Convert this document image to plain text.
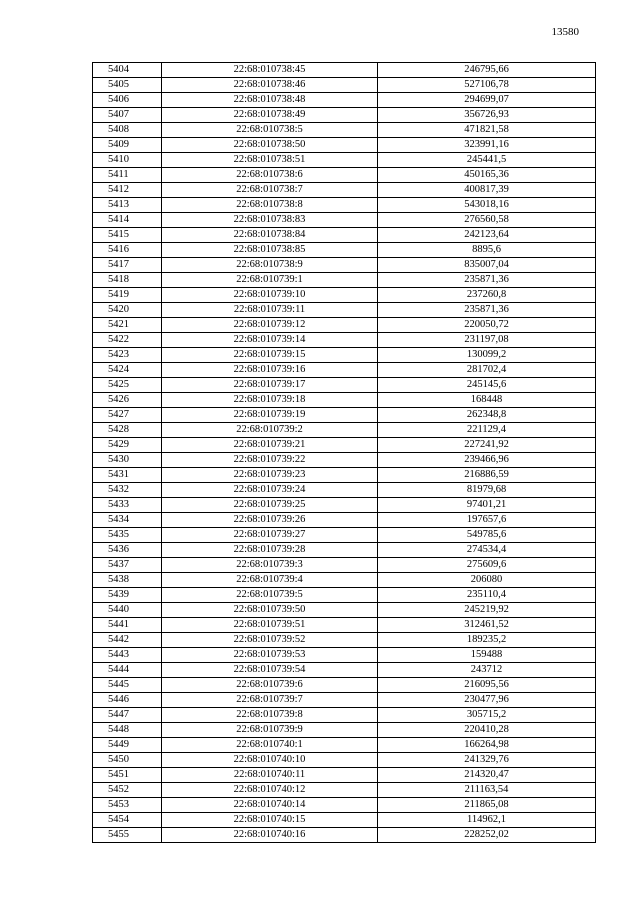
13580
5404	22:68:010738:45	246795,66
5405	22:68:010738:46	527106,78
5406	22:68:010738:48	294699,07
5407	22:68:010738:49	356726,93
5408	22:68:010738:5	471821,58
5409	22:68:010738:50	323991,16
5410	22:68:010738:51	245441,5
5411	22:68:010738:6	450165,36
5412	22:68:010738:7	400817,39
5413	22:68:010738:8	543018,16
5414	22:68:010738:83	276560,58
5415	22:68:010738:84	242123,64
5416	22:68:010738:85	8895,6
5417	22:68:010738:9	835007,04
5418	22:68:010739:1	235871,36
5419	22:68:010739:10	237260,8
5420	22:68:010739:11	235871,36
5421	22:68:010739:12	220050,72
5422	22:68:010739:14	231197,08
5423	22:68:010739:15	130099,2
5424	22:68:010739:16	281702,4
5425	22:68:010739:17	245145,6
5426	22:68:010739:18	168448
5427	22:68:010739:19	262348,8
5428	22:68:010739:2	221129,4
5429	22:68:010739:21	227241,92
5430	22:68:010739:22	239466,96
5431	22:68:010739:23	216886,59
5432	22:68:010739:24	81979,68
5433	22:68:010739:25	97401,21
5434	22:68:010739:26	197657,6
5435	22:68:010739:27	549785,6
5436	22:68:010739:28	274534,4
5437	22:68:010739:3	275609,6
5438	22:68:010739:4	206080
5439	22:68:010739:5	235110,4
5440	22:68:010739:50	245219,92
5441	22:68:010739:51	312461,52
5442	22:68:010739:52	189235,2
5443	22:68:010739:53	159488
5444	22:68:010739:54	243712
5445	22:68:010739:6	216095,56
5446	22:68:010739:7	230477,96
5447	22:68:010739:8	305715,2
5448	22:68:010739:9	220410,28
5449	22:68:010740:1	166264,98
5450	22:68:010740:10	241329,76
5451	22:68:010740:11	214320,47
5452	22:68:010740:12	211163,54
5453	22:68:010740:14	211865,08
5454	22:68:010740:15	114962,1
5455	22:68:010740:16	228252,02
